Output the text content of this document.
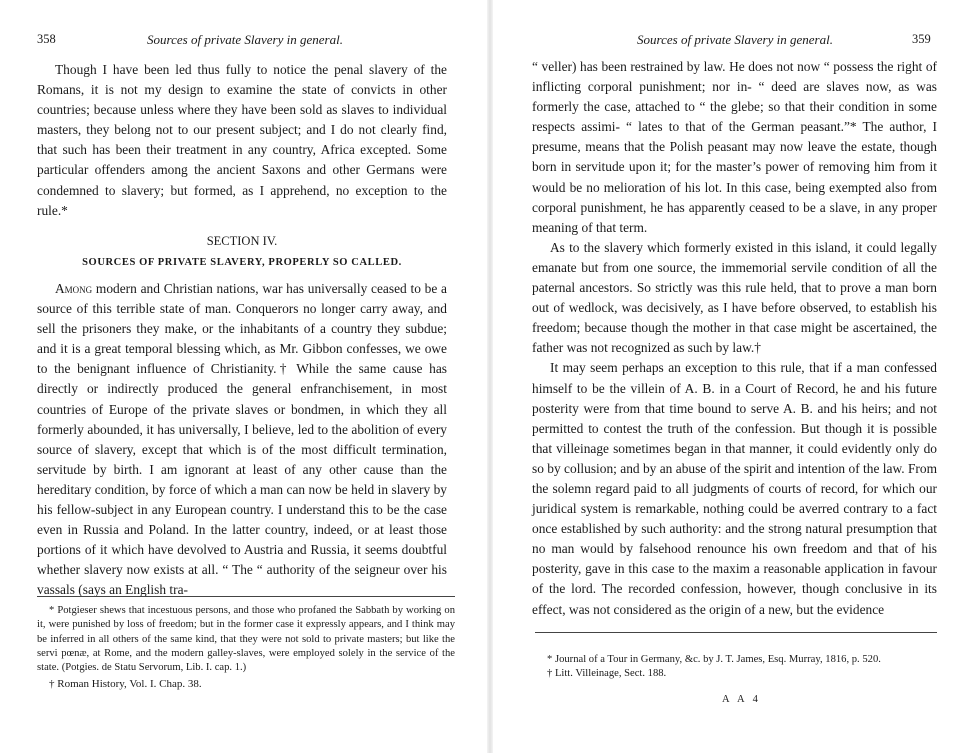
358	Sources of private Slavery in general.

Though I have been led thus fully to notice the penal slavery of the Romans, it is not my design to examine the state of convicts in other countries; because unless where they have been sold as slaves to individual masters, they belong not to our present subject; and I do not clearly find, that such has been their treatment in any country, Africa excepted. Some particular offenders among the ancient Saxons and other Germans were condemned to slavery; but formed, as I apprehend, no exception to the rule.*

SECTION IV.

SOURCES OF PRIVATE SLAVERY, PROPERLY SO CALLED.

Among modern and Christian nations, war has universally ceased to be a source of this terrible state of man. Conquerors no longer carry away, and sell the prisoners they make, or the inhabitants of a country they subdue; and it is a great temporal blessing which, as Mr. Gibbon confesses, we owe to the benignant influence of Christianity.† While the same cause has directly or indirectly produced the general enfranchisement, in most countries of Europe of the private slaves or bondmen, in which they all formerly abounded, it has universally, I believe, led to the abolition of every source of slavery, except that which is of the most difficult termination, servitude by birth. I am ignorant at least of any other cause than the hereditary condition, by force of which a man can now be held in slavery by his fellow-subject in any European country. I understand this to be the case even in Russia and Poland. In the latter country, indeed, or at least those portions of it which have devolved to Austria and Russia, it seems doubtful whether slavery now exists at all. “ The “ authority of the seigneur over his vassals (says an English tra-

* Potgieser shews that incestuous persons, and those who profaned the Sabbath by working on it, were punished by loss of freedom; but in the former case it expressly appears, and I think may be inferred in all others of the same kind, that they were not sold to private masters; but like the servi pœnæ, at Rome, and the modern galley-slaves, were employed solely in the service of the state. (Potgies. de Statu Servorum, Lib. I. cap. 1.)

† Roman History, Vol. I. Chap. 38.

Sources of private Slavery in general.	359

“ veller) has been restrained by law. He does not now “ possess the right of inflicting corporal punishment; nor in- “ deed are slaves now, as was formerly the case, attached to “ the glebe; so that their condition in some respects assimi- “ lates to that of the German peasant.”* The author, I presume, means that the Polish peasant may now leave the estate, though born in servitude upon it; for the master’s power of removing him from it would be no melioration of his lot. In this case, being exempted also from corporal punishment, he has apparently ceased to be a slave, in any proper meaning of that term.

As to the slavery which formerly existed in this island, it could legally emanate but from one source, the immemorial servile condition of all the paternal ancestors. So strictly was this rule held, that to prove a man born out of wedlock, was decisively, as I have before observed, to establish his freedom; because though the mother in that case might be ascertained, the father was not recognized as such by law.†

It may seem perhaps an exception to this rule, that if a man confessed himself to be the villein of A. B. in a Court of Record, he and his future posterity were from that time bound to serve A. B. and his heirs; and not permitted to contest the truth of the confession. But though it is possible that villeinage sometimes began in that manner, it could evidently only do so by collusion; and by an abuse of the spirit and intention of the law. From the solemn regard paid to all judgments of courts of record, for which our juridical system is remarkable, nothing could be averred contrary to a fact once established by such authority: and the strong natural presumption that no man would by falsehood renounce his own freedom and that of his posterity, gave in this case to the maxim a reasonable application in favour of the lord. The recorded confession, however, though conclusive in its effect, was not considered as the origin of a new, but the evidence

* Journal of a Tour in Germany, &c. by J. T. James, Esq. Murray, 1816, p. 520.

† Litt. Villeinage, Sect. 188.

A A 4
